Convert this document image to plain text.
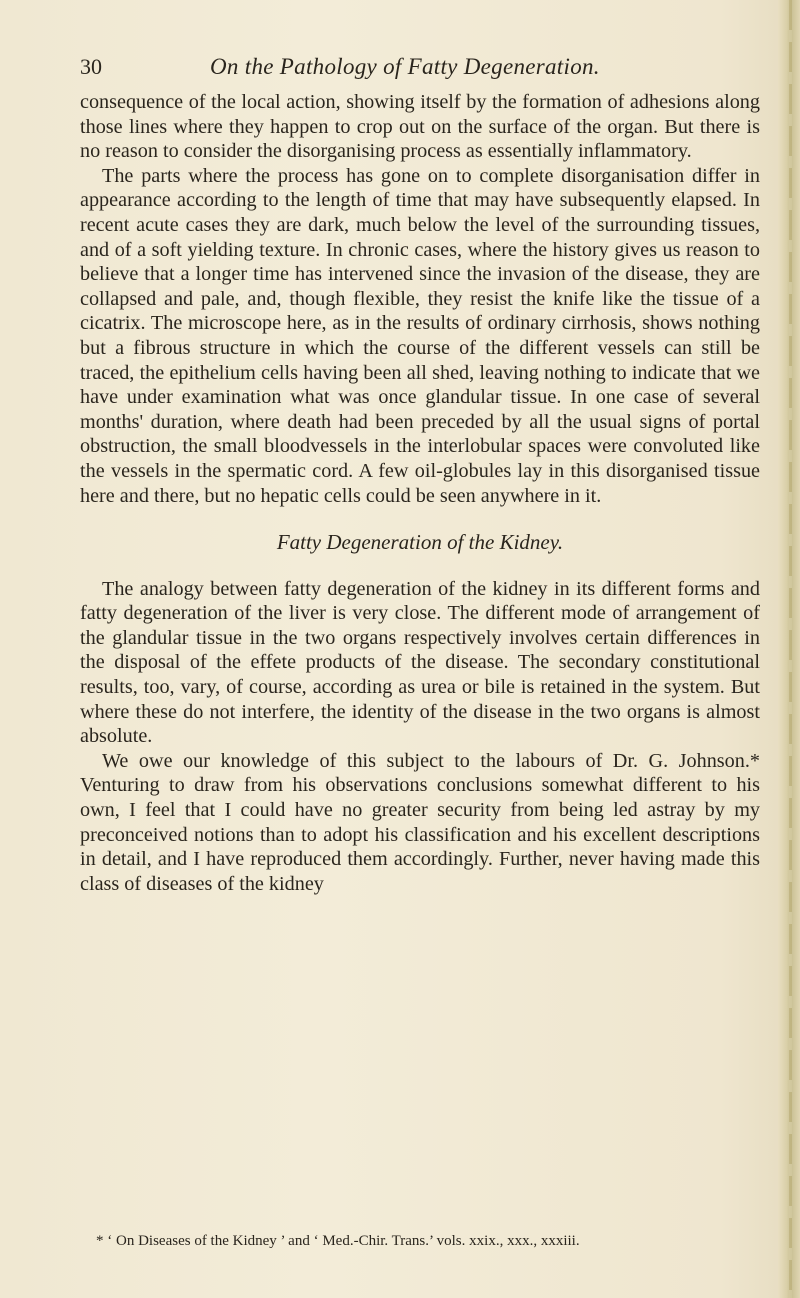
30	On the Pathology of Fatty Degeneration.

consequence of the local action, showing itself by the formation of adhesions along those lines where they happen to crop out on the surface of the organ. But there is no reason to consider the disorganising process as essentially inflammatory.

The parts where the process has gone on to complete disorganisation differ in appearance according to the length of time that may have subsequently elapsed. In recent acute cases they are dark, much below the level of the surrounding tissues, and of a soft yielding texture. In chronic cases, where the history gives us reason to believe that a longer time has intervened since the invasion of the disease, they are collapsed and pale, and, though flexible, they resist the knife like the tissue of a cicatrix. The microscope here, as in the results of ordinary cirrhosis, shows nothing but a fibrous structure in which the course of the different vessels can still be traced, the epithelium cells having been all shed, leaving nothing to indicate that we have under examination what was once glandular tissue. In one case of several months' duration, where death had been preceded by all the usual signs of portal obstruction, the small bloodvessels in the interlobular spaces were convoluted like the vessels in the spermatic cord. A few oil-globules lay in this disorganised tissue here and there, but no hepatic cells could be seen anywhere in it.

Fatty Degeneration of the Kidney.

The analogy between fatty degeneration of the kidney in its different forms and fatty degeneration of the liver is very close. The different mode of arrangement of the glandular tissue in the two organs respectively involves certain differences in the disposal of the effete products of the disease. The secondary constitutional results, too, vary, of course, according as urea or bile is retained in the system. But where these do not interfere, the identity of the disease in the two organs is almost absolute.

We owe our knowledge of this subject to the labours of Dr. G. Johnson.* Venturing to draw from his observations conclusions somewhat different to his own, I feel that I could have no greater security from being led astray by my preconceived notions than to adopt his classification and his excellent descriptions in detail, and I have reproduced them accordingly. Further, never having made this class of diseases of the kidney

* ‘ On Diseases of the Kidney ’ and ‘ Med.-Chir. Trans.’ vols. xxix., xxx., xxxiii.
